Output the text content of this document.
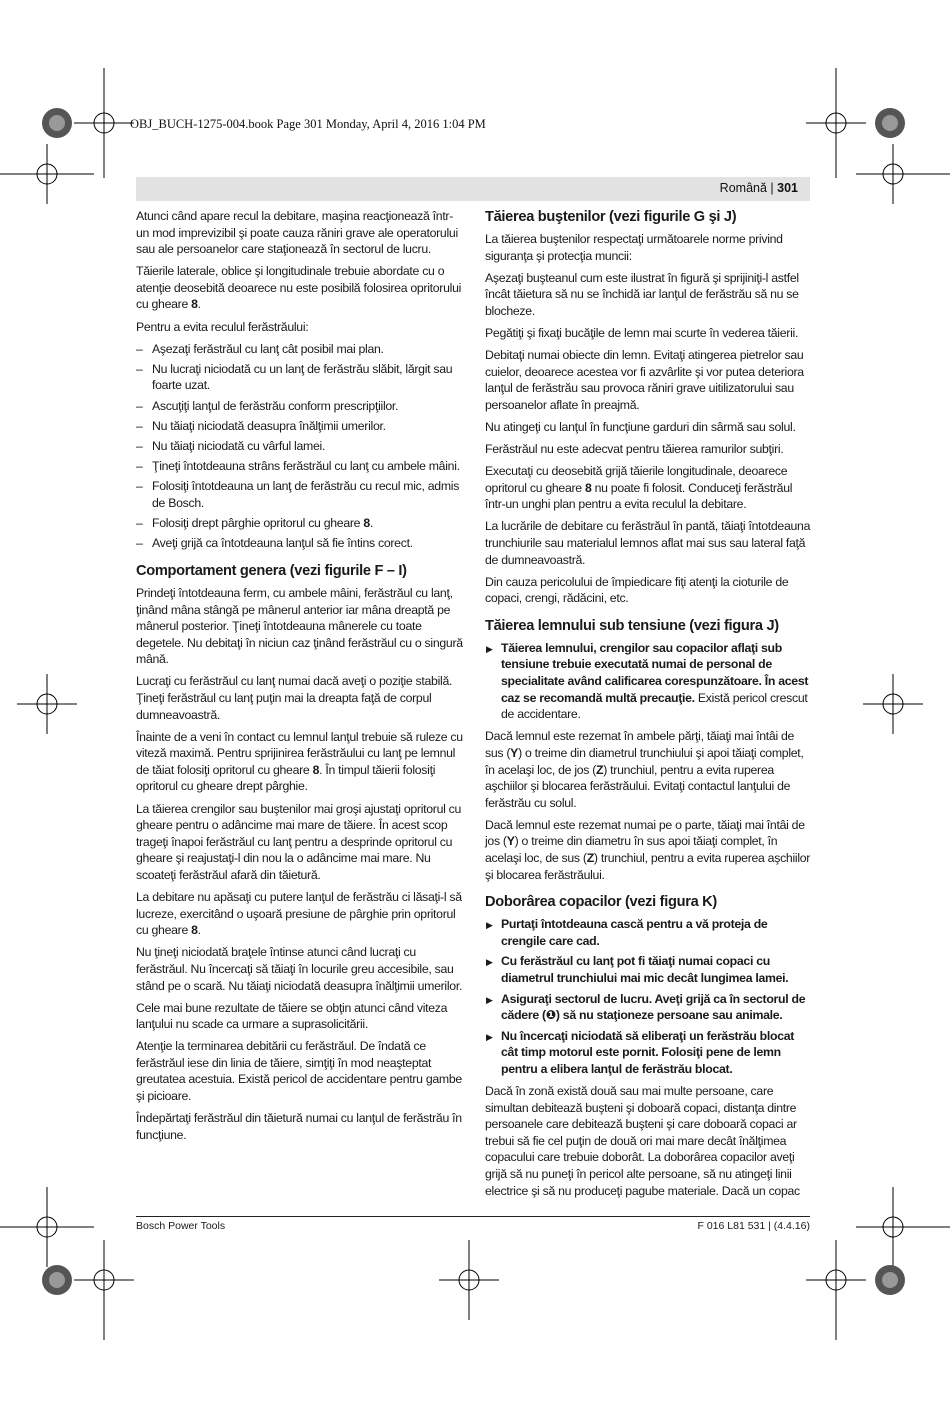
OBJ_BUCH-1275-004.book Page 301 Monday, April 4, 2016 1:04 PM
Română | 301

Atunci când apare recul la debitare, maşina reacţionează într-un mod imprevizibil şi poate cauza răniri grave ale operatorului sau ale persoanelor care staţionează în sectorul de lucru.

Tăierile laterale, oblice şi longitudinale trebuie abordate cu o atenţie deosebită deoarece nu este posibilă folosirea opritorului cu gheare 8.

Pentru a evita reculul ferăstrăului:

– Aşezaţi ferăstrăul cu lanţ cât posibil mai plan.
– Nu lucraţi niciodată cu un lanţ de ferăstrău slăbit, lărgit sau foarte uzat.
– Ascuţiţi lanţul de ferăstrău conform prescripţiilor.
– Nu tăiaţi niciodată deasupra înălţimii umerilor.
– Nu tăiaţi niciodată cu vârful lamei.
– Ţineţi întotdeauna strâns ferăstrăul cu lanţ cu ambele mâini.
– Folosiţi întotdeauna un lanţ de ferăstrău cu recul mic, admis de Bosch.
– Folosiţi drept pârghie opritorul cu gheare 8.
– Aveţi grijă ca întotdeauna lanţul să fie întins corect.
Comportament genera (vezi figurile F – I)

Prindeţi întotdeauna ferm, cu ambele mâini, ferăstrăul cu lanţ, ţinând mâna stângă pe mânerul anterior iar mâna dreaptă pe mânerul posterior. Ţineţi întotdeauna mânerele cu toate degetele. Nu debitaţi în niciun caz ţinând ferăstrăul cu o singură mână.

Lucraţi cu ferăstrăul cu lanţ numai dacă aveţi o poziţie stabilă. Ţineţi ferăstrăul cu lanţ puţin mai la dreapta faţă de corpul dumneavoastră.

Înainte de a veni în contact cu lemnul lanţul trebuie să ruleze cu viteză maximă. Pentru sprijinirea ferăstrăului cu lanţ pe lemnul de tăiat folosiţi opritorul cu gheare 8. În timpul tăierii folosiţi opritorul cu gheare drept pârghie.

La tăierea crengilor sau buştenilor mai groşi ajustaţi opritorul cu gheare pentru o adâncime mai mare de tăiere. În acest scop trageţi înapoi ferăstrăul cu lanţ pentru a desprinde opritorul cu gheare şi reajustaţi-l din nou la o adâncime mai mare. Nu scoateţi ferăstrăul afară din tăietură.

La debitare nu apăsaţi cu putere lanţul de ferăstrău ci lăsaţi-l să lucreze, exercitând o uşoară presiune de pârghie prin opritorul cu gheare 8.

Nu ţineţi niciodată braţele întinse atunci când lucraţi cu ferăstrăul. Nu încercaţi să tăiaţi în locurile greu accesibile, sau stând pe o scară. Nu tăiaţi niciodată deasupra înălţimii umerilor.

Cele mai bune rezultate de tăiere se obţin atunci când viteza lanţului nu scade ca urmare a suprasolicitării.

Atenţie la terminarea debitării cu ferăstrăul. De îndată ce ferăstrăul iese din linia de tăiere, simţiţi în mod neaşteptat greutatea acestuia. Există pericol de accidentare pentru gambe şi picioare.

Îndepărtaţi ferăstrăul din tăietură numai cu lanţul de ferăstrău în funcţiune.

Tăierea buştenilor (vezi figurile G şi J)

La tăierea buştenilor respectaţi următoarele norme privind siguranţa şi protecţia muncii:

Aşezaţi buşteanul cum este ilustrat în figură şi sprijiniţi-l astfel încât tăietura să nu se închidă iar lanţul de ferăstrău să nu se blocheze.

Pegătiţi şi fixaţi bucăţile de lemn mai scurte în vederea tăierii.

Debitaţi numai obiecte din lemn. Evitaţi atingerea pietrelor sau cuielor, deoarece acestea vor fi azvârlite şi vor putea deteriora lanţul de ferăstrău sau provoca răniri grave uitilizatorului sau persoanelor aflate în preajmă.

Nu atingeţi cu lanţul în funcţiune garduri din sârmă sau solul.

Ferăstrăul nu este adecvat pentru tăierea ramurilor subţiri.

Executaţi cu deosebită grijă tăierile longitudinale, deoarece opritorul cu gheare 8 nu poate fi folosit. Conduceţi ferăstrăul într-un unghi plan pentru a evita reculul la debitare.

La lucrările de debitare cu ferăstrăul în pantă, tăiaţi întotdeauna trunchiurile sau materialul lemnos aflat mai sus sau lateral faţă de dumneavoastră.

Din cauza pericolului de împiedicare fiţi atenţi la cioturile de copaci, crengi, rădăcini, etc.

Tăierea lemnului sub tensiune (vezi figura J)
▶ Tăierea lemnului, crengilor sau copacilor aflaţi sub tensiune trebuie executată numai de personal de specialitate având calificarea corespunzătoare. În acest caz se recomandă multă precauţie. Există pericol crescut de accidentare.

Dacă lemnul este rezemat în ambele părţi, tăiaţi mai întâi de sus (Y) o treime din diametrul trunchiului şi apoi tăiaţi complet, în acelaşi loc, de jos (Z) trunchiul, pentru a evita ruperea aşchiilor şi blocarea ferăstrăului. Evitaţi contactul lanţului de ferăstrău cu solul.

Dacă lemnul este rezemat numai pe o parte, tăiaţi mai întâi de jos (Y) o treime din diametru în sus apoi tăiaţi complet, în acelaşi loc, de sus (Z) trunchiul, pentru a evita ruperea aşchiilor şi blocarea ferăstrăului.

Doborârea copacilor (vezi figura K)
▶ Purtaţi întotdeauna cască pentru a vă proteja de crengile care cad.
▶ Cu ferăstrăul cu lanţ pot fi tăiaţi numai copaci cu diametrul trunchiului mai mic decât lungimea lamei.
▶ Asiguraţi sectorul de lucru. Aveţi grijă ca în sectorul de cădere (❶) să nu staţioneze persoane sau animale.
▶ Nu încercaţi niciodată să eliberaţi un ferăstrău blocat cât timp motorul este pornit. Folosiţi pene de lemn pentru a elibera lanţul de ferăstrău blocat.

Dacă în zonă există două sau mai multe persoane, care simultan debitează buşteni şi doboară copaci, distanţa dintre persoanele care debitează buşteni şi care doboară copaci ar trebui să fie cel puţin de două ori mai mare decât înălţimea copacului care trebuie doborât. La doborârea copacilor aveţi grijă să nu puneţi în pericol alte persoane, să nu atingeţi linii electrice şi să nu produceţi pagube materiale. Dacă un copac

Bosch Power Tools	F 016 L81 531 | (4.4.16)
